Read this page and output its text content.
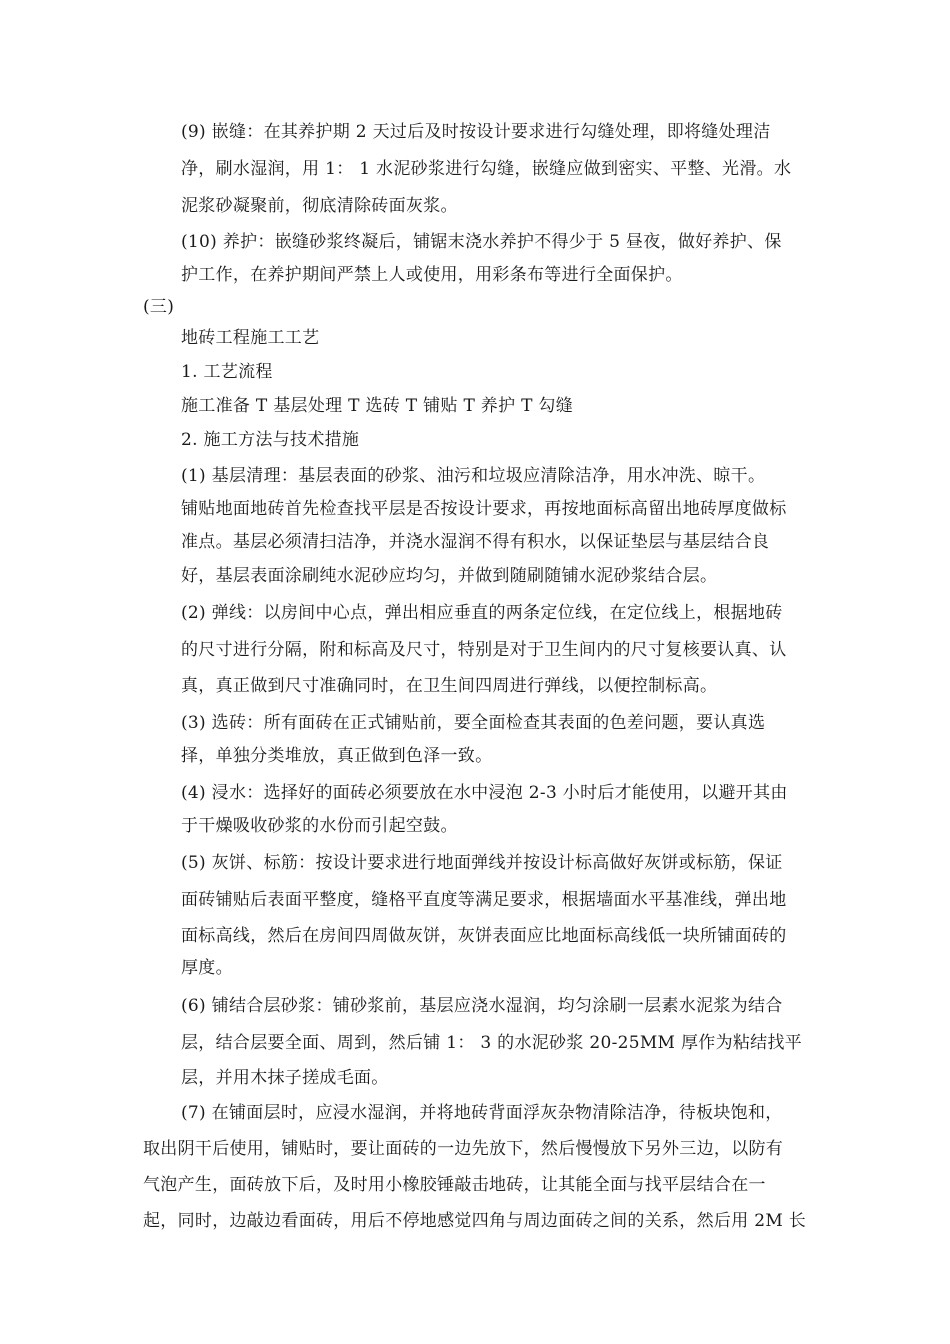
(9) 嵌缝：在其养护期 2 天过后及时按设计要求进行勾缝处理，即将缝处理洁
净，刷水湿润，用 1： 1 水泥砂浆进行勾缝，嵌缝应做到密实、平整、光滑。水
泥浆砂凝聚前，彻底清除砖面灰浆。
(10) 养护：嵌缝砂浆终凝后，铺锯末浇水养护不得少于 5 昼夜，做好养护、保
护工作，在养护期间严禁上人或使用，用彩条布等进行全面保护。
(三)
地砖工程施工工艺
1. 工艺流程
施工准备 T 基层处理 T 选砖 T 铺贴 T 养护 T 勾缝
2. 施工方法与技术措施
(1) 基层清理：基层表面的砂浆、油污和垃圾应清除洁净，用水冲洗、晾干。
铺贴地面地砖首先检查找平层是否按设计要求，再按地面标高留出地砖厚度做标
准点。基层必须清扫洁净，并浇水湿润不得有积水，以保证垫层与基层结合良
好，基层表面涂刷纯水泥砂应均匀，并做到随刷随铺水泥砂浆结合层。
(2) 弹线：以房间中心点，弹出相应垂直的两条定位线，在定位线上，根据地砖
的尺寸进行分隔，附和标高及尺寸，特别是对于卫生间内的尺寸复核要认真、认
真，真正做到尺寸准确同时，在卫生间四周进行弹线，以便控制标高。
(3) 选砖：所有面砖在正式铺贴前，要全面检查其表面的色差问题，要认真选
择，单独分类堆放，真正做到色泽一致。
(4) 浸水：选择好的面砖必须要放在水中浸泡 2-3 小时后才能使用，以避开其由
于干燥吸收砂浆的水份而引起空鼓。
(5) 灰饼、标筋：按设计要求进行地面弹线并按设计标高做好灰饼或标筋，保证
面砖铺贴后表面平整度，缝格平直度等满足要求，根据墙面水平基准线，弹出地
面标高线，然后在房间四周做灰饼，灰饼表面应比地面标高线低一块所铺面砖的
厚度。
(6) 铺结合层砂浆：铺砂浆前，基层应浇水湿润，均匀涂刷一层素水泥浆为结合
层，结合层要全面、周到，然后铺 1： 3 的水泥砂浆 20-25MM 厚作为粘结找平
层，并用木抹子搓成毛面。
(7) 在铺面层时，应浸水湿润，并将地砖背面浮灰杂物清除洁净，待板块饱和，
取出阴干后使用，铺贴时，要让面砖的一边先放下，然后慢慢放下另外三边，以防有
气泡产生，面砖放下后，及时用小橡胶锤敲击地砖，让其能全面与找平层结合在一
起，同时，边敲边看面砖，用后不停地感觉四角与周边面砖之间的关系，然后用 2M 长
